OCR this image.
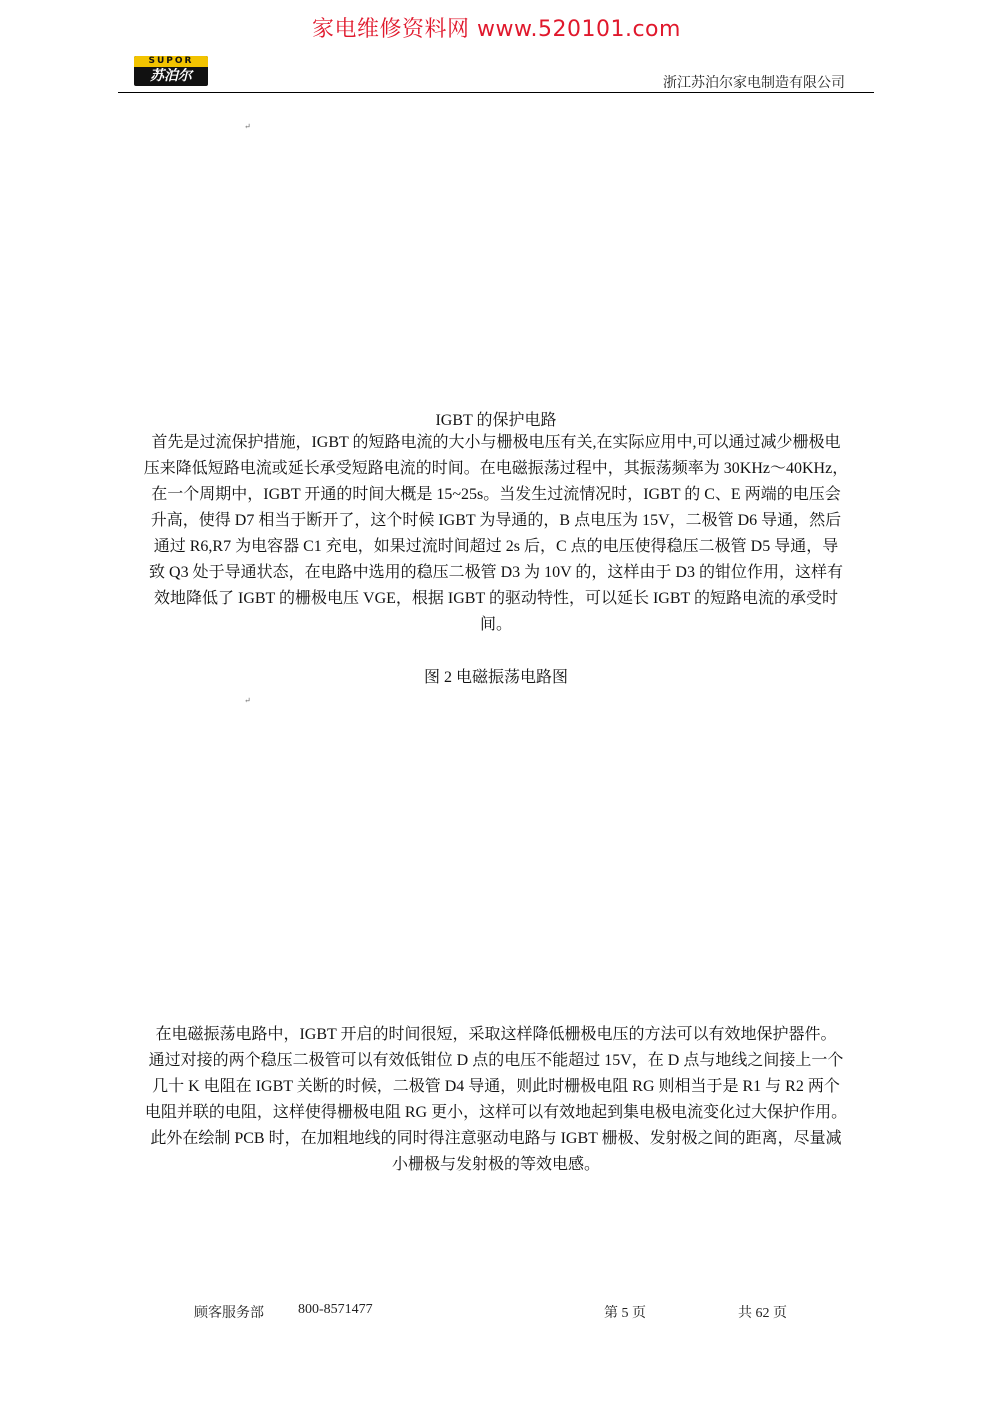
家电维修资料网 www.520101.com
SUPOR
苏泊尔	浙江苏泊尔家电制造有限公司
↵
IGBT 的保护电路
首先是过流保护措施，IGBT 的短路电流的大小与栅极电压有关,在实际应用中,可以通过减少栅极电
压来降低短路电流或延长承受短路电流的时间。在电磁振荡过程中，其振荡频率为 30KHz～40KHz，
在一个周期中，IGBT 开通的时间大概是 15~25s。当发生过流情况时，IGBT 的 C、E 两端的电压会
升高，使得 D7 相当于断开了，这个时候 IGBT 为导通的，B 点电压为 15V，二极管 D6 导通，然后
通过 R6,R7 为电容器 C1 充电，如果过流时间超过 2s 后，C 点的电压使得稳压二极管 D5 导通，导
致 Q3 处于导通状态，在电路中选用的稳压二极管 D3 为 10V 的，这样由于 D3 的钳位作用，这样有
效地降低了 IGBT 的栅极电压 VGE，根据 IGBT 的驱动特性，可以延长 IGBT 的短路电流的承受时
间。
图 2 电磁振荡电路图
↵
在电磁振荡电路中，IGBT 开启的时间很短，采取这样降低栅极电压的方法可以有效地保护器件。
通过对接的两个稳压二极管可以有效低钳位 D 点的电压不能超过 15V，在 D 点与地线之间接上一个
几十 K 电阻在 IGBT 关断的时候，二极管 D4 导通，则此时栅极电阻 RG 则相当于是 R1 与 R2 两个
电阻并联的电阻，这样使得栅极电阻 RG 更小，这样可以有效地起到集电极电流变化过大保护作用。
此外在绘制 PCB 时，在加粗地线的同时得注意驱动电路与 IGBT 栅极、发射极之间的距离，尽量减
小栅极与发射极的等效电感。
顾客服务部 800-8571477	第 5 页	共 62 页
